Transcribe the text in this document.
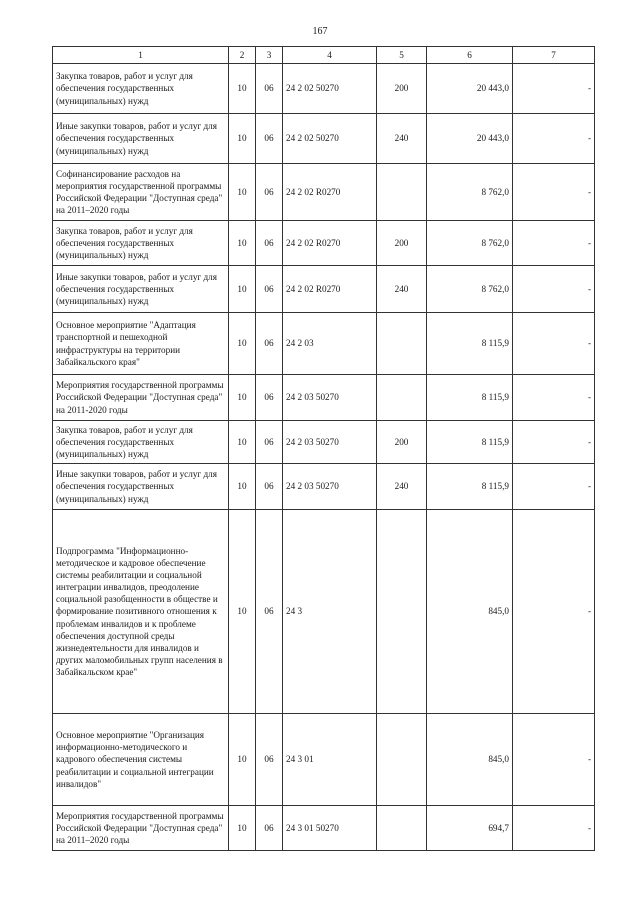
167
1	2	3	4	5	6	7
Закупка товаров, работ и услуг для обеспечения государственных (муниципальных) нужд	10	06	24 2 02 50270	200	20 443,0	-
Иные закупки товаров, работ и услуг для обеспечения государственных (муниципальных) нужд	10	06	24 2 02 50270	240	20 443,0	-
Софинансирование расходов на мероприятия государственной программы Российской Федерации "Доступная среда" на 2011–2020 годы	10	06	24 2 02 R0270		8 762,0	-
Закупка товаров, работ и услуг для обеспечения государственных (муниципальных) нужд	10	06	24 2 02 R0270	200	8 762,0	-
Иные закупки товаров, работ и услуг для обеспечения государственных (муниципальных) нужд	10	06	24 2 02 R0270	240	8 762,0	-
Основное мероприятие "Адаптация транспортной и пешеходной инфраструктуры на территории Забайкальского края"	10	06	24 2 03		8 115,9	-
Мероприятия государственной программы Российской Федерации "Доступная среда" на 2011-2020 годы	10	06	24 2 03 50270		8 115,9	-
Закупка товаров, работ и услуг для обеспечения государственных (муниципальных) нужд	10	06	24 2 03 50270	200	8 115,9	-
Иные закупки товаров, работ и услуг для обеспечения государственных (муниципальных) нужд	10	06	24 2 03 50270	240	8 115,9	-
Подпрограмма "Информационно-методическое и кадровое обеспечение системы реабилитации и социальной интеграции инвалидов, преодоление социальной разобщенности в обществе и формирование позитивного отношения к проблемам инвалидов и к проблеме обеспечения доступной среды жизнедеятельности для инвалидов и других маломобильных групп населения в Забайкальском крае"	10	06	24 3		845,0	-
Основное мероприятие "Организация информационно-методического и кадрового обеспечения системы реабилитации и социальной интеграции инвалидов"	10	06	24 3 01		845,0	-
Мероприятия государственной программы Российской Федерации "Доступная среда" на 2011–2020 годы	10	06	24 3 01 50270		694,7	-
